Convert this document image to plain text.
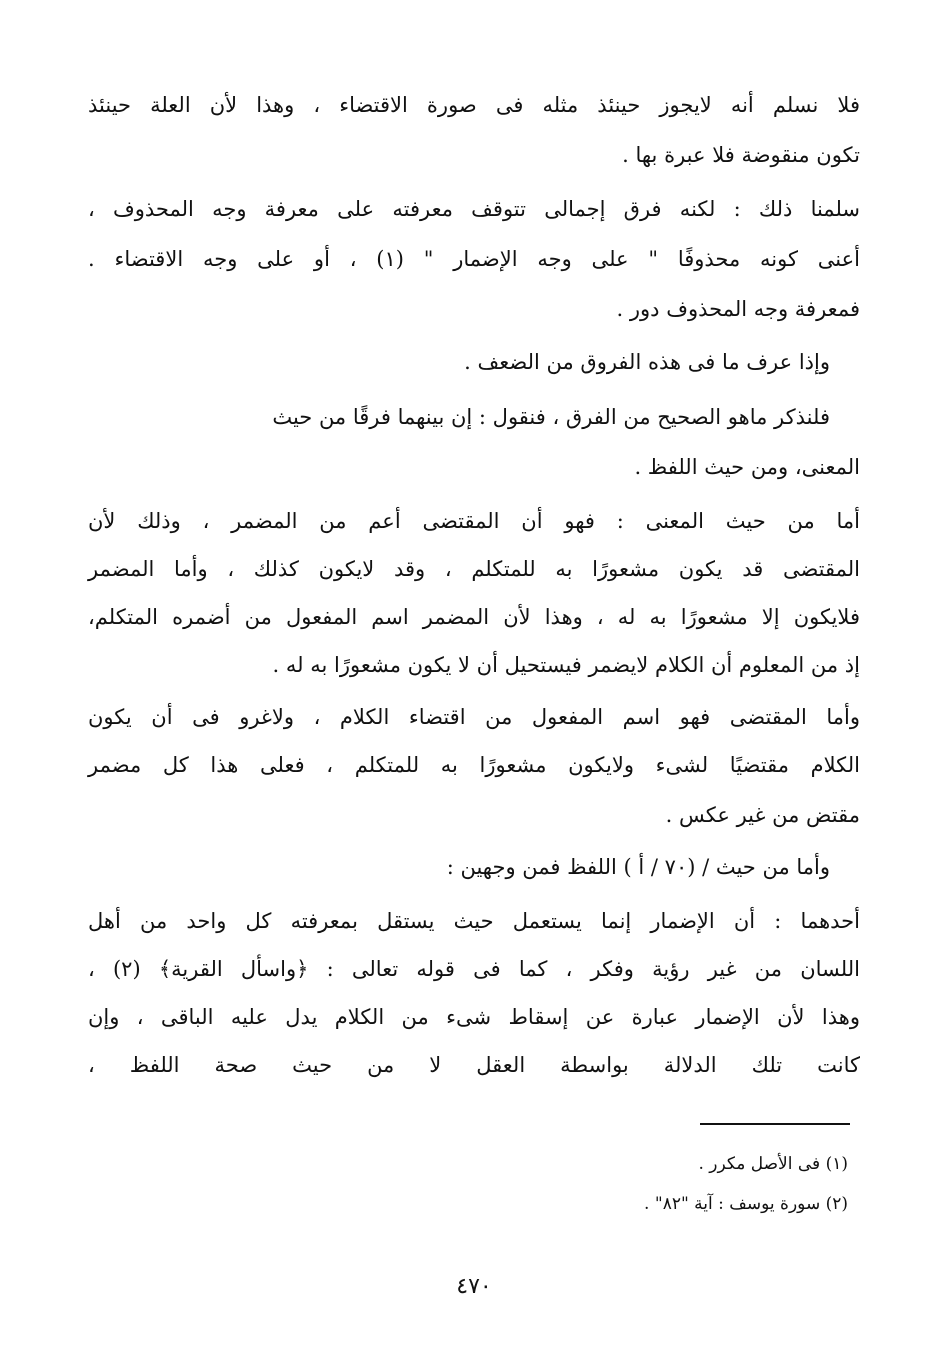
فلا نسلم أنه لايجوز حينئذ مثله فى صورة الاقتضاء ، وهذا لأن العلة حينئذ
تكون منقوضة فلا عبرة بها .
سلمنا ذلك : لكنه فرق إجمالى تتوقف معرفته على معرفة وجه المحذوف ،
أعنى كونه محذوفًا " على وجه الإضمار " (١) ، أو على وجه الاقتضاء .
فمعرفة وجه المحذوف دور .
وإذا عرف ما فى هذه الفروق من الضعف .
فلنذكر ماهو الصحيح من الفرق ، فنقول : إن بينهما فرقًا من حيث
المعنى، ومن حيث اللفظ .
أما من حيث المعنى : فهو أن المقتضى أعم من المضمر ، وذلك لأن
المقتضى قد يكون مشعورًا به للمتكلم ، وقد لايكون كذلك ، وأما المضمر
فلايكون إلا مشعورًا به له ، وهذا لأن المضمر اسم المفعول من أضمره المتكلم،
إذ من المعلوم أن الكلام لايضمر فيستحيل أن لا يكون مشعورًا به له .
وأما المقتضى فهو اسم المفعول من اقتضاء الكلام ، ولاغرو فى أن يكون
الكلام مقتضيًا لشىء ولايكون مشعورًا به للمتكلم ، فعلى هذا كل مضمر
مقتض من غير عكس .
وأما من حيث / (٧٠ / أ ) اللفظ فمن وجهين :
أحدهما : أن الإضمار إنما يستعمل حيث يستقل بمعرفته كل واحد من أهل
اللسان من غير رؤية وفكر ، كما فى قوله تعالى : ﴿واسأل القرية﴾ (٢) ،
وهذا لأن الإضمار عبارة عن إسقاط شىء من الكلام يدل عليه الباقى ، وإن
كانت تلك الدلالة بواسطة العقل لا من حيث صحة اللفظ ،
(١) فى الأصل مكرر .
(٢) سورة يوسف : آية "٨٢" .
٤٧٠
